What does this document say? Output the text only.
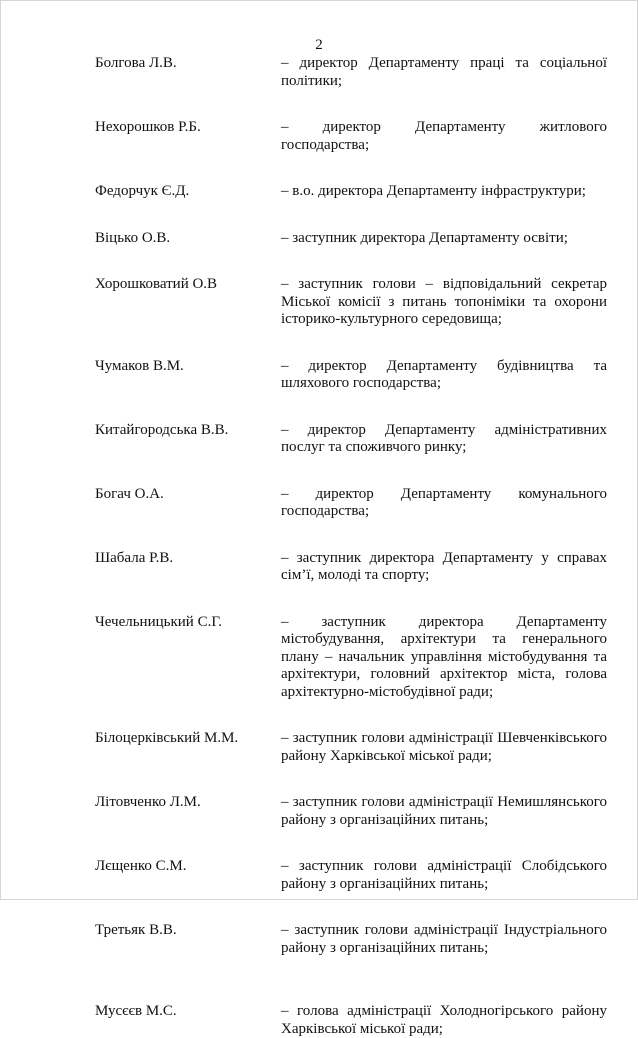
2
Болгова Л.В.	– директор Департаменту праці та соціальної політики;
Нехорошков Р.Б.	– директор Департаменту житлового господарства;
Федорчук Є.Д.	– в.о. директора Департаменту інфраструктури;
Віцько О.В.	– заступник директора Департаменту освіти;
Хорошковатий О.В	– заступник голови – відповідальний секретар Міської комісії з питань топоніміки та охорони історико-культурного середовища;
Чумаков В.М.	– директор Департаменту будівництва та шляхового господарства;
Китайгородська В.В.	– директор Департаменту адміністративних послуг та споживчого ринку;
Богач О.А.	– директор Департаменту комунального господарства;
Шабала Р.В.	– заступник директора Департаменту у справах сім’ї, молоді та спорту;
Чечельницький С.Г.	– заступник директора Департаменту містобудування, архітектури та генерального плану – начальник управління містобудування та архітектури, головний архітектор міста, голова архітектурно-містобудівної ради;
Білоцерківський М.М.	– заступник голови адміністрації Шевченківського району Харківської міської ради;
Літовченко Л.М.	– заступник голови адміністрації Немишлянського району з організаційних питань;
Лєщенко С.М.	– заступник голови адміністрації Слобідського району з організаційних питань;
Третьяк В.В.	– заступник голови адміністрації Індустріального району з організаційних питань;
Мусєєв М.С.	– голова адміністрації Холодногірського району Харківської міської ради;
